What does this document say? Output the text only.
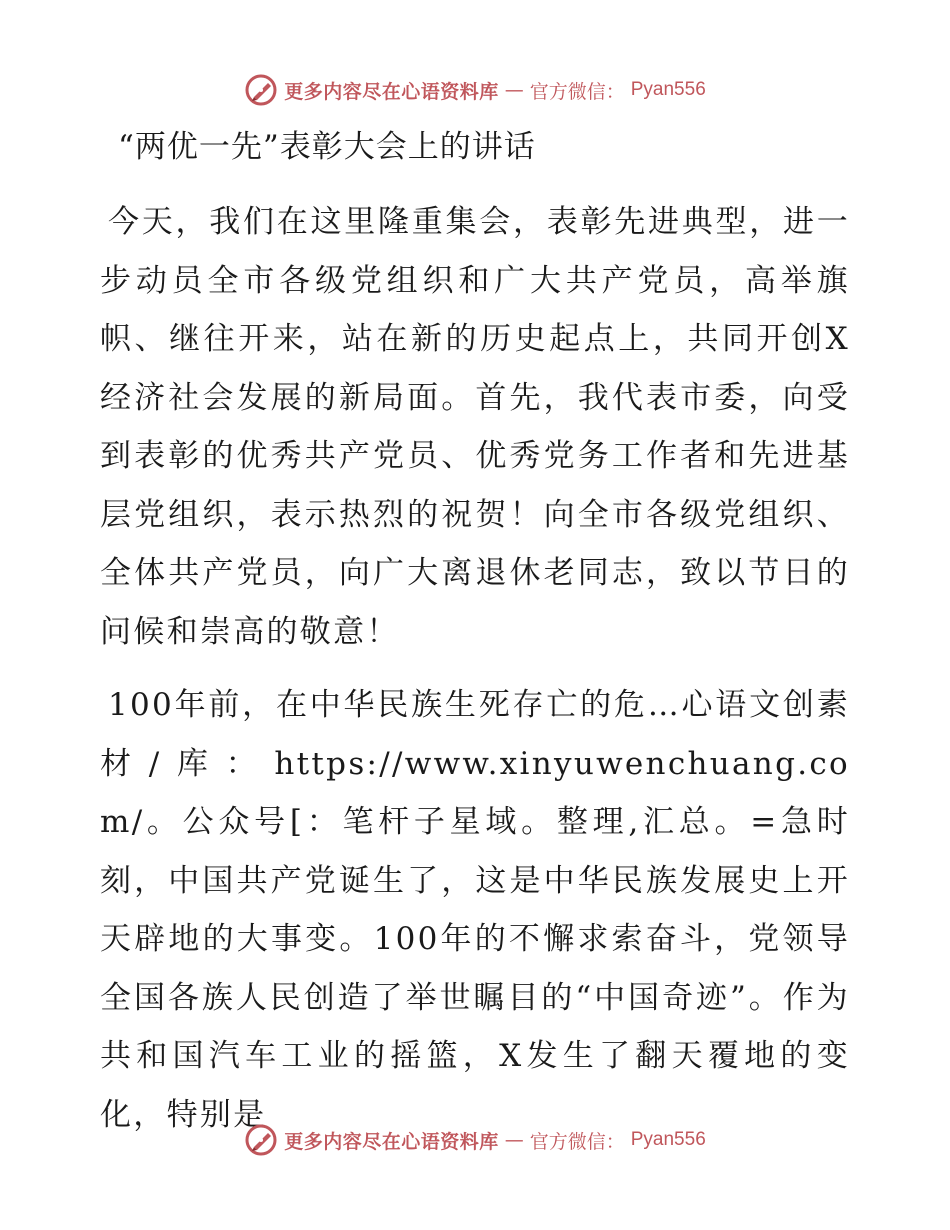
更多内容尽在心语资料库 — 官方微信： Pyan556
“两优一先”表彰大会上的讲话

今天，我们在这里隆重集会，表彰先进典型，进一步动员全市各级党组织和广大共产党员，高举旗帜、继往开来，站在新的历史起点上，共同开创X经济社会发展的新局面。首先，我代表市委，向受到表彰的优秀共产党员、优秀党务工作者和先进基层党组织，表示热烈的祝贺！向全市各级党组织、全体共产党员，向广大离退休老同志，致以节日的问候和崇高的敬意！

100年前，在中华民族生死存亡的危…心语文创素材/库：https://www.xinyuwenchuang.com/。公众号[：笔杆子星域。整理,汇总。=急时刻，中国共产党诞生了，这是中华民族发展史上开天辟地的大事变。100年的不懈求索奋斗，党领导全国各族人民创造了举世瞩目的“中国奇迹”。作为共和国汽车工业的摇篮，X发生了翻天覆地的变化，特别是

更多内容尽在心语资料库 — 官方微信： Pyan556
